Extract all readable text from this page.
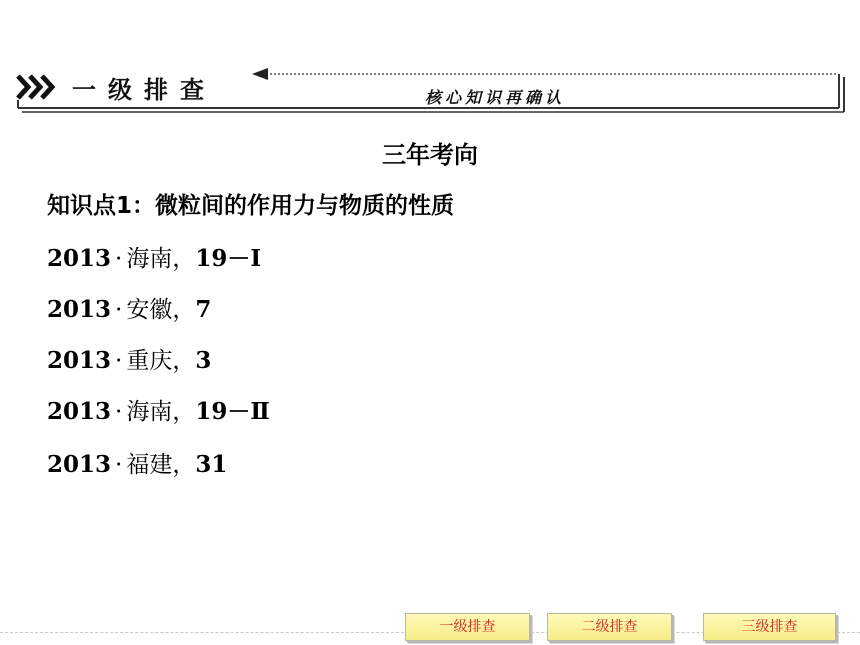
一级排查	核心知识再确认
三年考向
知识点1：微粒间的作用力与物质的性质
2013 · 海南，19－Ⅰ
2013 · 安徽，7
2013 · 重庆，3
2013 · 海南，19－Ⅱ
2013 · 福建，31
一级排查	二级排查	三级排查
